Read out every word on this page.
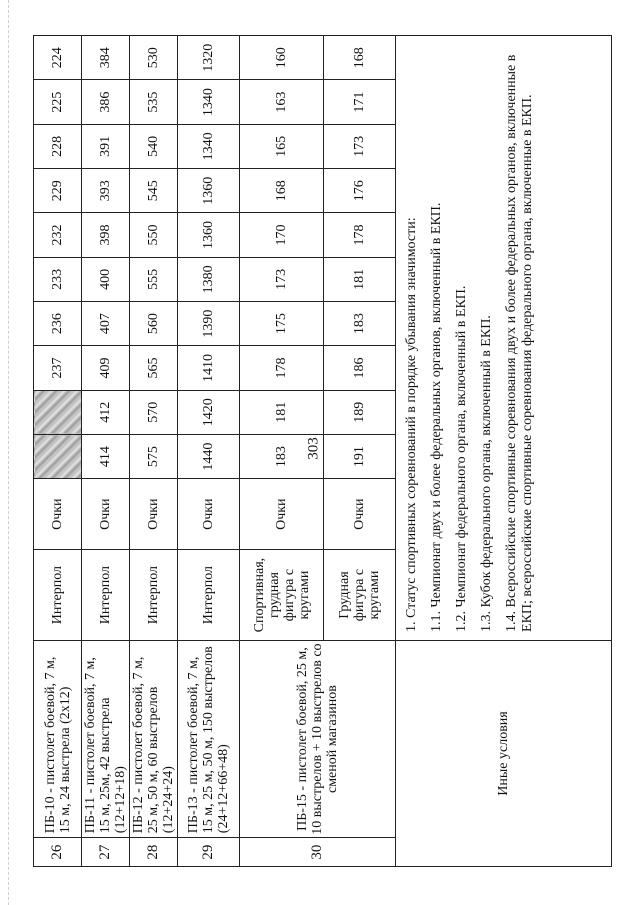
303
26	ПБ-10 - пистолет боевой, 7 м, 15 м, 24 выстрела (2х12)	Интерпол	Очки			237	236	233	232	229	228	225	224
27	ПБ-11 - пистолет боевой, 7 м, 15 м, 25м, 42 выстрела (12+12+18)	Интерпол	Очки	414	412	409	407	400	398	393	391	386	384
28	ПБ-12 - пистолет боевой, 7 м, 25 м, 50 м, 60 выстрелов (12+24+24)	Интерпол	Очки	575	570	565	560	555	550	545	540	535	530
29	ПБ-13 - пистолет боевой, 7 м, 15 м, 25 м, 50 м, 150 выстрелов (24+12+66+48)	Интерпол	Очки	1440	1420	1410	1390	1380	1360	1360	1340	1340	1320
30	ПБ-15 - пистолет боевой, 25 м, 10 выстрелов + 10 выстрелов со сменой магазинов	Спортивная, грудная фигура с кругами	Очки	183	181	178	175	173	170	168	165	163	160
		Грудная фигура с кругами	Очки	191	189	186	183	181	178	176	173	171	168
Иные условия		1. Статус спортивных соревнований в порядке убывания значимости: 1.1. Чемпионат двух и более федеральных органов, включенный в ЕКП. 1.2. Чемпионат федерального органа, включенный в ЕКП. 1.3. Кубок федерального органа, включенный в ЕКП. 1.4. Всероссийские спортивные соревнования двух и более федеральных органов, включенные в ЕКП; всероссийские спортивные соревнования федерального органа, включенные в ЕКП.											
